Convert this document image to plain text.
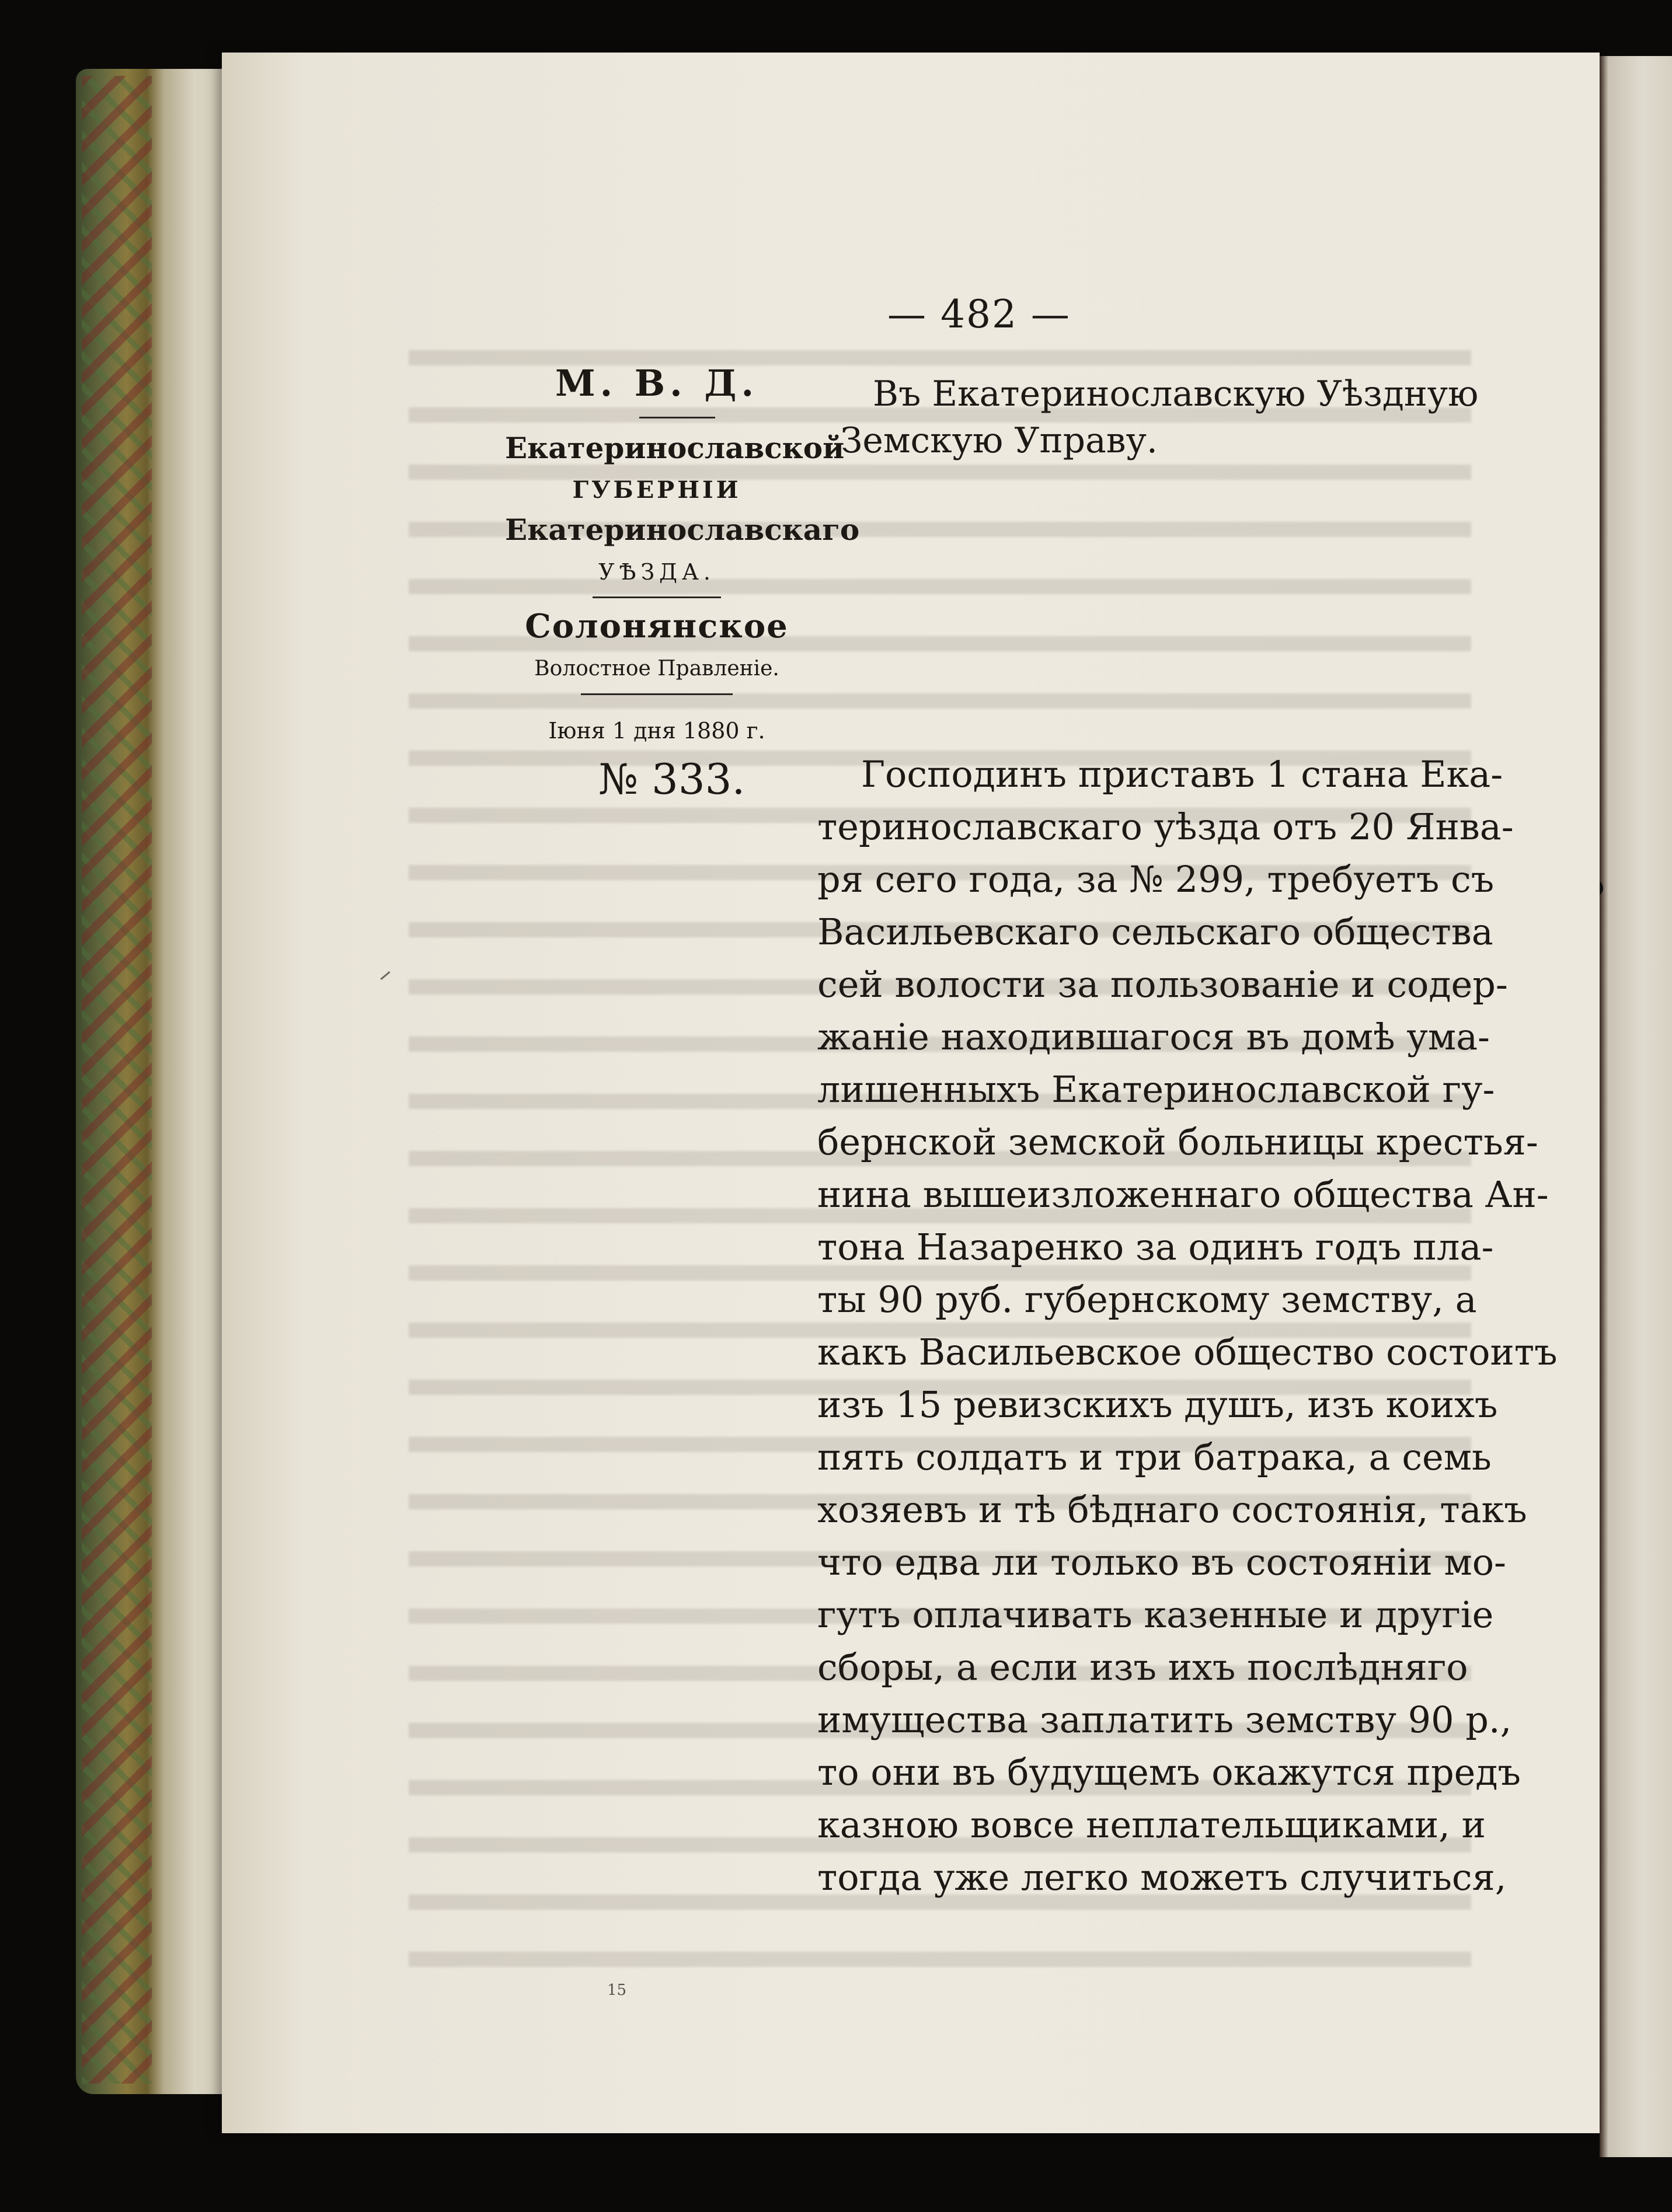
— 482 —
М. В. Д.
Екатеринославской
ГУБЕРНІИ
Екатеринославскаго
УѢЗДА.
Солонянское
Волостное Правленіе.
Іюня 1 дня 1880 г.
Въ Екатеринославскую Уѣздную
Земскую Управу.
№ 333.	Господинъ приставъ 1 стана Ека-
теринославскаго уѣзда отъ 20 Янва-
ря сего года, за № 299, требуетъ съ
Васильевскаго сельскаго общества
сей волости за пользованіе и содер-
жаніе находившагося въ домѣ ума-
лишенныхъ Екатеринославской гу-
бернской земской больницы крестья-
нина вышеизложеннаго общества Ан-
тона Назаренко за одинъ годъ пла-
ты 90 руб. губернскому земству, а
какъ Васильевское общество состоитъ
изъ 15 ревизскихъ душъ, изъ коихъ
пять солдатъ и три батрака, а семь
хозяевъ и тѣ бѣднаго состоянія, такъ
что едва ли только въ состояніи мо-
гутъ оплачивать казенные и другіе
сборы, а если изъ ихъ послѣдняго
имущества заплатить земству 90 р.,
то они въ будущемъ окажутся предъ
казною вовсе неплательщиками, и
тогда уже легко можетъ случиться,
15
